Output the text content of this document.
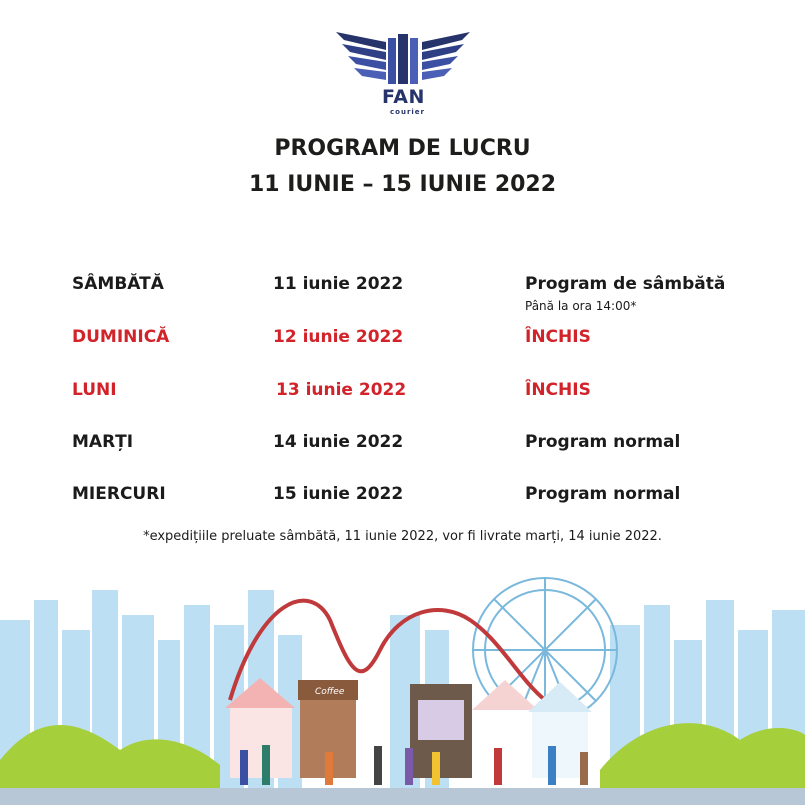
FAN
courier
PROGRAM DE LUCRU
11 IUNIE – 15 IUNIE 2022
SÂMBĂTĂ	11 iunie 2022	Program de sâmbătă
Până la ora 14:00*
DUMINICĂ	12 iunie 2022	ÎNCHIS
LUNI	13 iunie 2022	ÎNCHIS
MARȚI	14 iunie 2022	Program normal
MIERCURI	15 iunie 2022	Program normal
*expedițiile preluate sâmbătă, 11 iunie 2022, vor fi livrate marți, 14 iunie 2022.
Coffee
